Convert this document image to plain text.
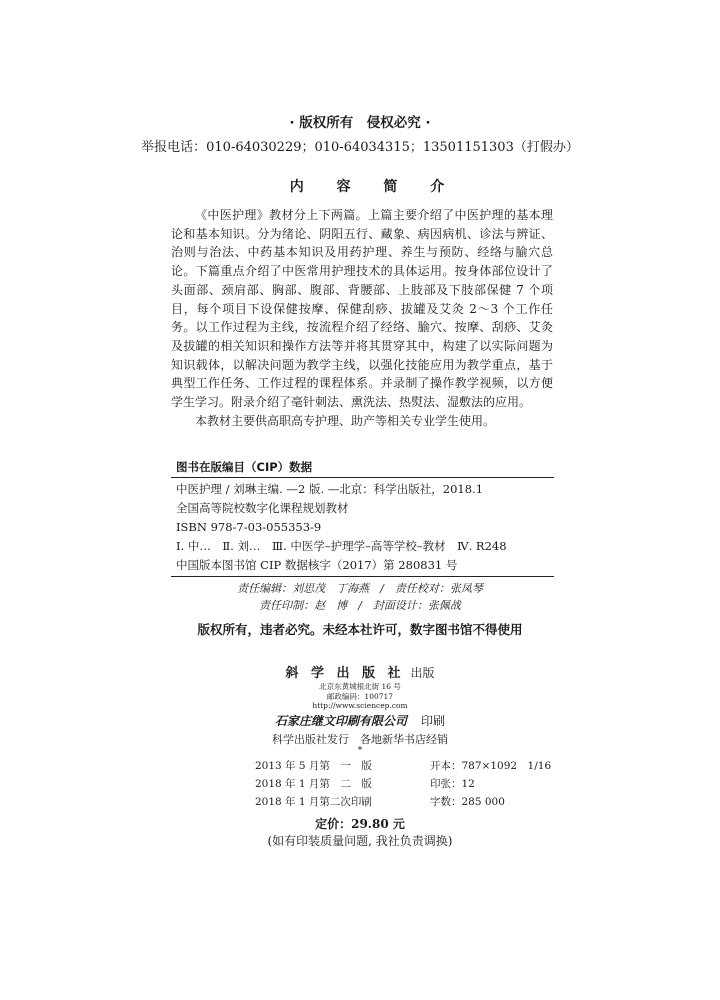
· 版权所有　侵权必究 ·
举报电话：010-64030229；010-64034315；13501151303（打假办）
内 容 简 介

《中医护理》教材分上下两篇。上篇主要介绍了中医护理的基本理论和基本知识。分为绪论、阴阳五行、藏象、病因病机、诊法与辨证、治则与治法、中药基本知识及用药护理、养生与预防、经络与腧穴总论。下篇重点介绍了中医常用护理技术的具体运用。按身体部位设计了头面部、颈肩部、胸部、腹部、背腰部、上肢部及下肢部保健 7 个项目，每个项目下设保健按摩、保健刮痧、拔罐及艾灸 2～3 个工作任务。以工作过程为主线，按流程介绍了经络、腧穴、按摩、刮痧、艾灸及拔罐的相关知识和操作方法等并将其贯穿其中，构建了以实际问题为知识载体，以解决问题为教学主线，以强化技能应用为教学重点，基于典型工作任务、工作过程的课程体系。并录制了操作教学视频，以方便学生学习。附录介绍了毫针刺法、熏洗法、热熨法、湿敷法的应用。

本教材主要供高职高专护理、助产等相关专业学生使用。

图书在版编目（CIP）数据
中医护理 / 刘琳主编. —2 版. —北京：科学出版社，2018.1
全国高等院校数字化课程规划教材
ISBN 978-7-03-055353-9
Ⅰ. 中…　Ⅱ. 刘…　Ⅲ. 中医学–护理学–高等学校–教材　Ⅳ. R248
中国版本图书馆 CIP 数据核字（2017）第 280831 号
责任编辑：刘思茂　丁海燕　/　责任校对：张凤琴
责任印制：赵　博　/　封面设计：张佩战
版权所有，违者必究。未经本社许可，数字图书馆不得使用
斜 学 出 版 社 出版
北京东黄城根北街 16 号
邮政编码：100717
http://www.sciencep.com
石家庄继文印刷有限公司 印刷
科学出版社发行　各地新华书店经销
*
2013 年 5 月第　一　版	开本：787×1092　1/16
2018 年 1 月第　二　版	印张：12
2018 年 1 月第二次印刷	字数：285 000
定价：29.80 元
(如有印装质量问题, 我社负责调换)
